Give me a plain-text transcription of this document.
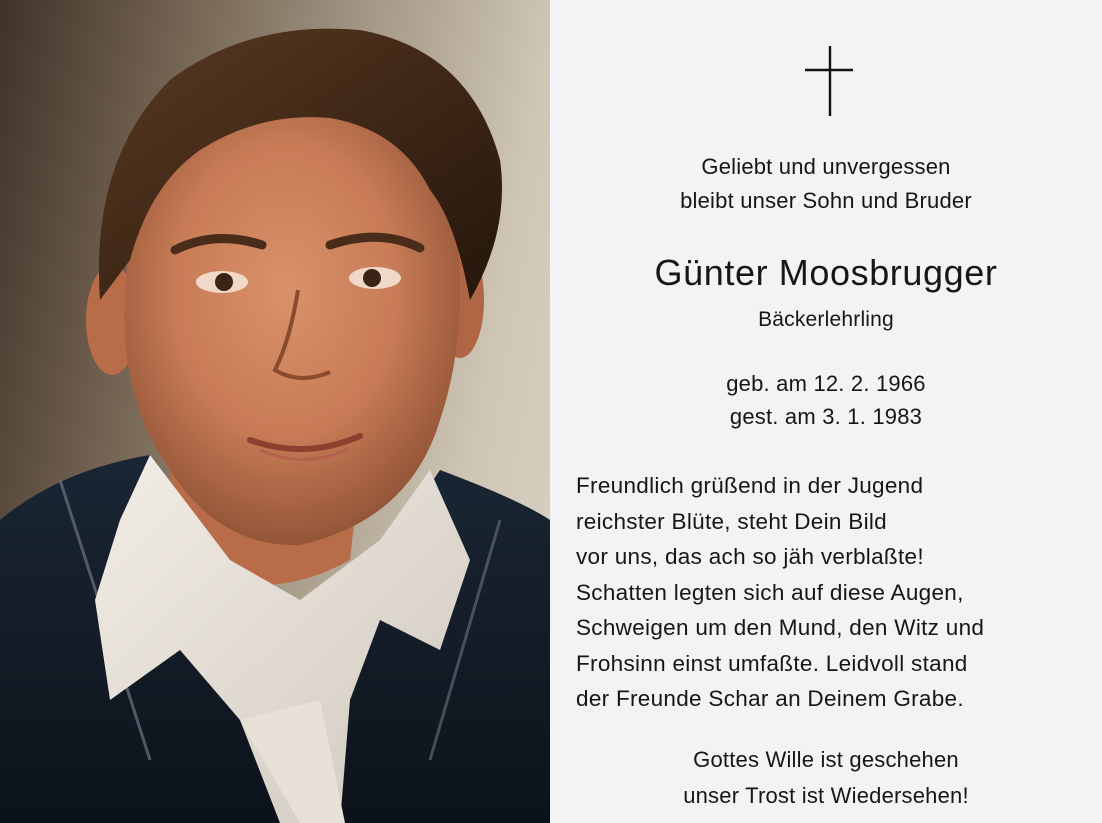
Geliebt und unvergessen
bleibt unser Sohn und Bruder
Günter Moosbrugger
Bäckerlehrling
geb. am 12. 2. 1966
gest. am 3. 1. 1983
Freundlich grüßend in der Jugend
reichster Blüte, steht Dein Bild
vor uns, das ach so jäh verblaßte!
Schatten legten sich auf diese Augen,
Schweigen um den Mund, den Witz und
Frohsinn einst umfaßte. Leidvoll stand
der Freunde Schar an Deinem Grabe.
Gottes Wille ist geschehen
unser Trost ist Wiedersehen!
